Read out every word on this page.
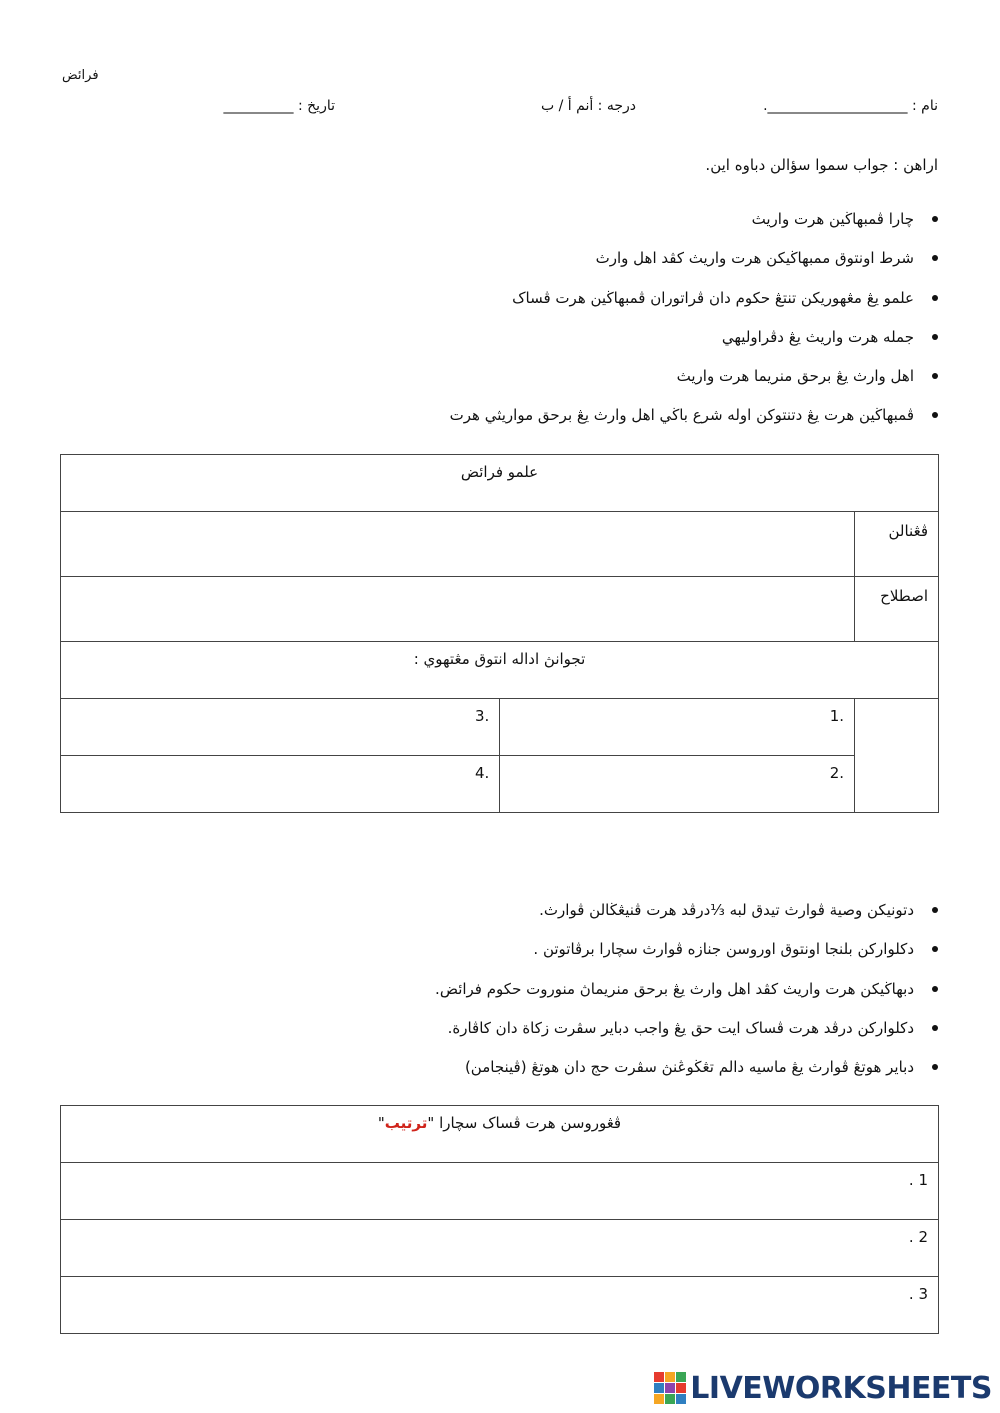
فرائض
نام : ____________________.
درجه : أنم أ / ب
تاريخ : __________
اراهن : جواب سموا سؤالن دباوه اين.
چارا ڤمبهاڬين هرت واريث
شرط اونتوق ممبهاڬيکن هرت واريث کڤد اهل وارث
علمو يڠ مڠهوريکن تنتڠ حکوم دان ڤراتوران ڤمبهاڬين هرت ڤساک
جمله هرت واريث يڠ دڤراوليهي
اهل وارث يڠ برحق منريما هرت واريث
ڤمبهاڬين هرت يڠ دتنتوکن اوله شرع باڬي اهل وارث يڠ برحق مواريثي هرت
علمو فرائض		
		ڤڠنالن
		اصطلاح
تجوانڽ اداله انتوق مڠتهوي :		
3.	1.	
4.	2.	
دتونيکن وصية ڤوارث تيدق لبه ⅓درڤد هرت ڤنيڠڬالن ڤوارث.
دکلوارکن بلنجا اونتوق اوروسن جنازه ڤوارث سچارا برڤاتوتن .
دبهاڬيکن هرت واريث کڤد اهل وارث يڠ برحق منريماڽ منوروت حکوم فرائض.
دکلوارکن درڤد هرت ڤساک ايت حق يڠ واجب دباير سڤرت زکاة دان کاڤارة.
دباير هوتڠ ڤوارث يڠ ماسيه دالم تڠڬوڠنڽ سڤرت حج دان هوتڠ (ڤينجامن)
ڤڠوروسن هرت ڤساک سچارا "ترتيب"
. 1
. 2
. 3
LIVEWORKSHEETS
